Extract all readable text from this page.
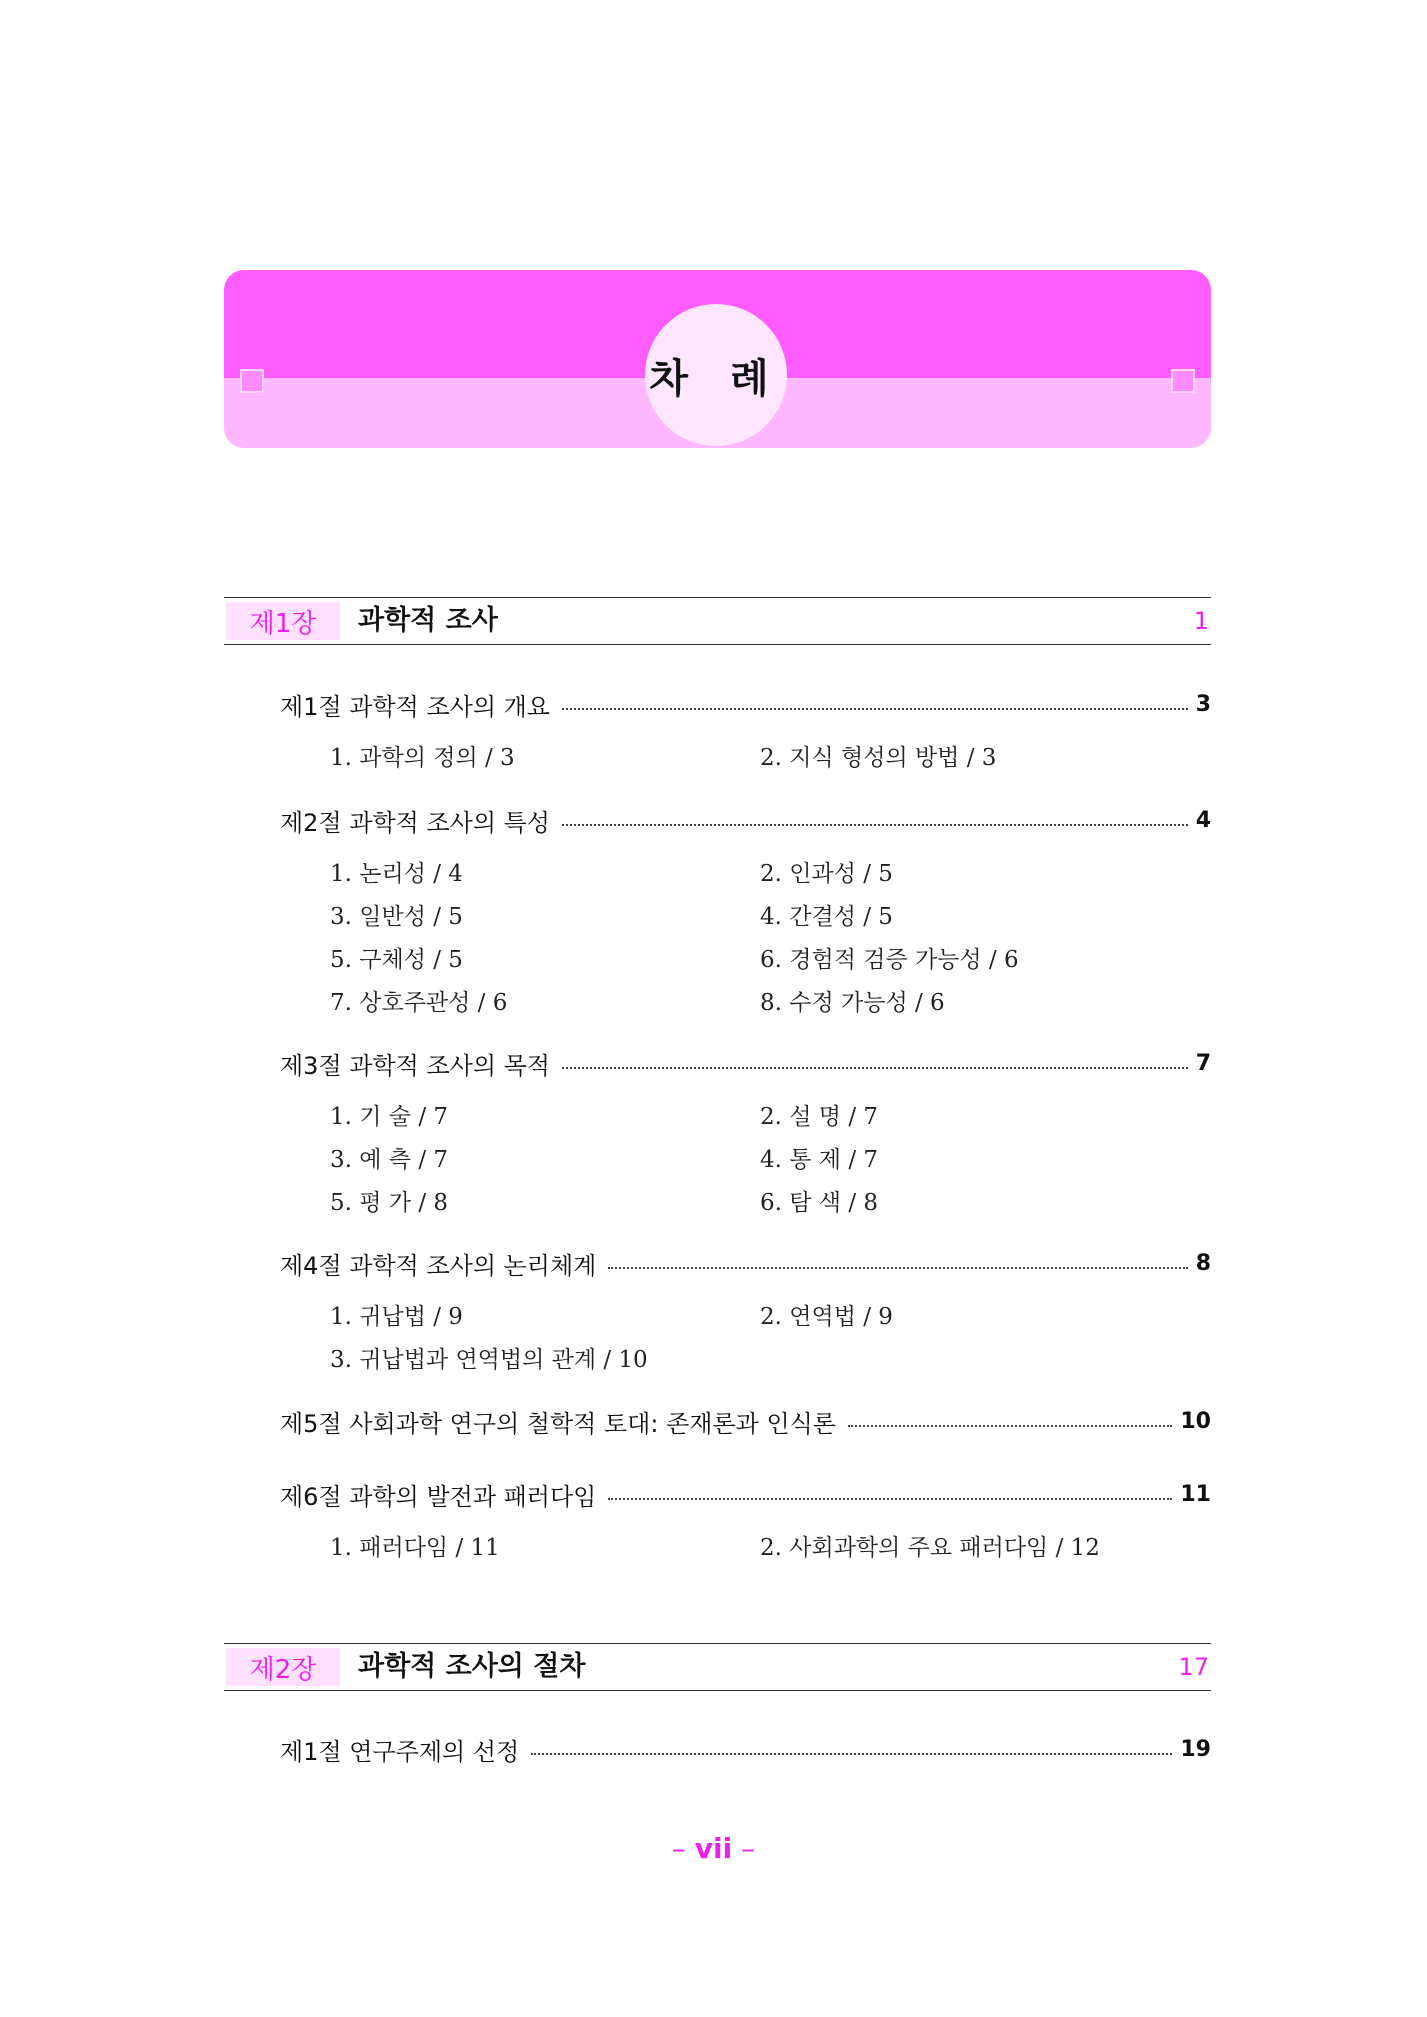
차 례
제1장	과학적 조사	1
제1절 과학적 조사의 개요	3
1. 과학의 정의 / 3	2. 지식 형성의 방법 / 3
제2절 과학적 조사의 특성	4
1. 논리성 / 4	2. 인과성 / 5
3. 일반성 / 5	4. 간결성 / 5
5. 구체성 / 5	6. 경험적 검증 가능성 / 6
7. 상호주관성 / 6	8. 수정 가능성 / 6
제3절 과학적 조사의 목적	7
1. 기 술 / 7	2. 설 명 / 7
3. 예 측 / 7	4. 통 제 / 7
5. 평 가 / 8	6. 탐 색 / 8
제4절 과학적 조사의 논리체계	8
1. 귀납법 / 9	2. 연역법 / 9
3. 귀납법과 연역법의 관계 / 10
제5절 사회과학 연구의 철학적 토대: 존재론과 인식론	10
제6절 과학의 발전과 패러다임	11
1. 패러다임 / 11	2. 사회과학의 주요 패러다임 / 12
제2장	과학적 조사의 절차	17
제1절 연구주제의 선정	19
– vii –
